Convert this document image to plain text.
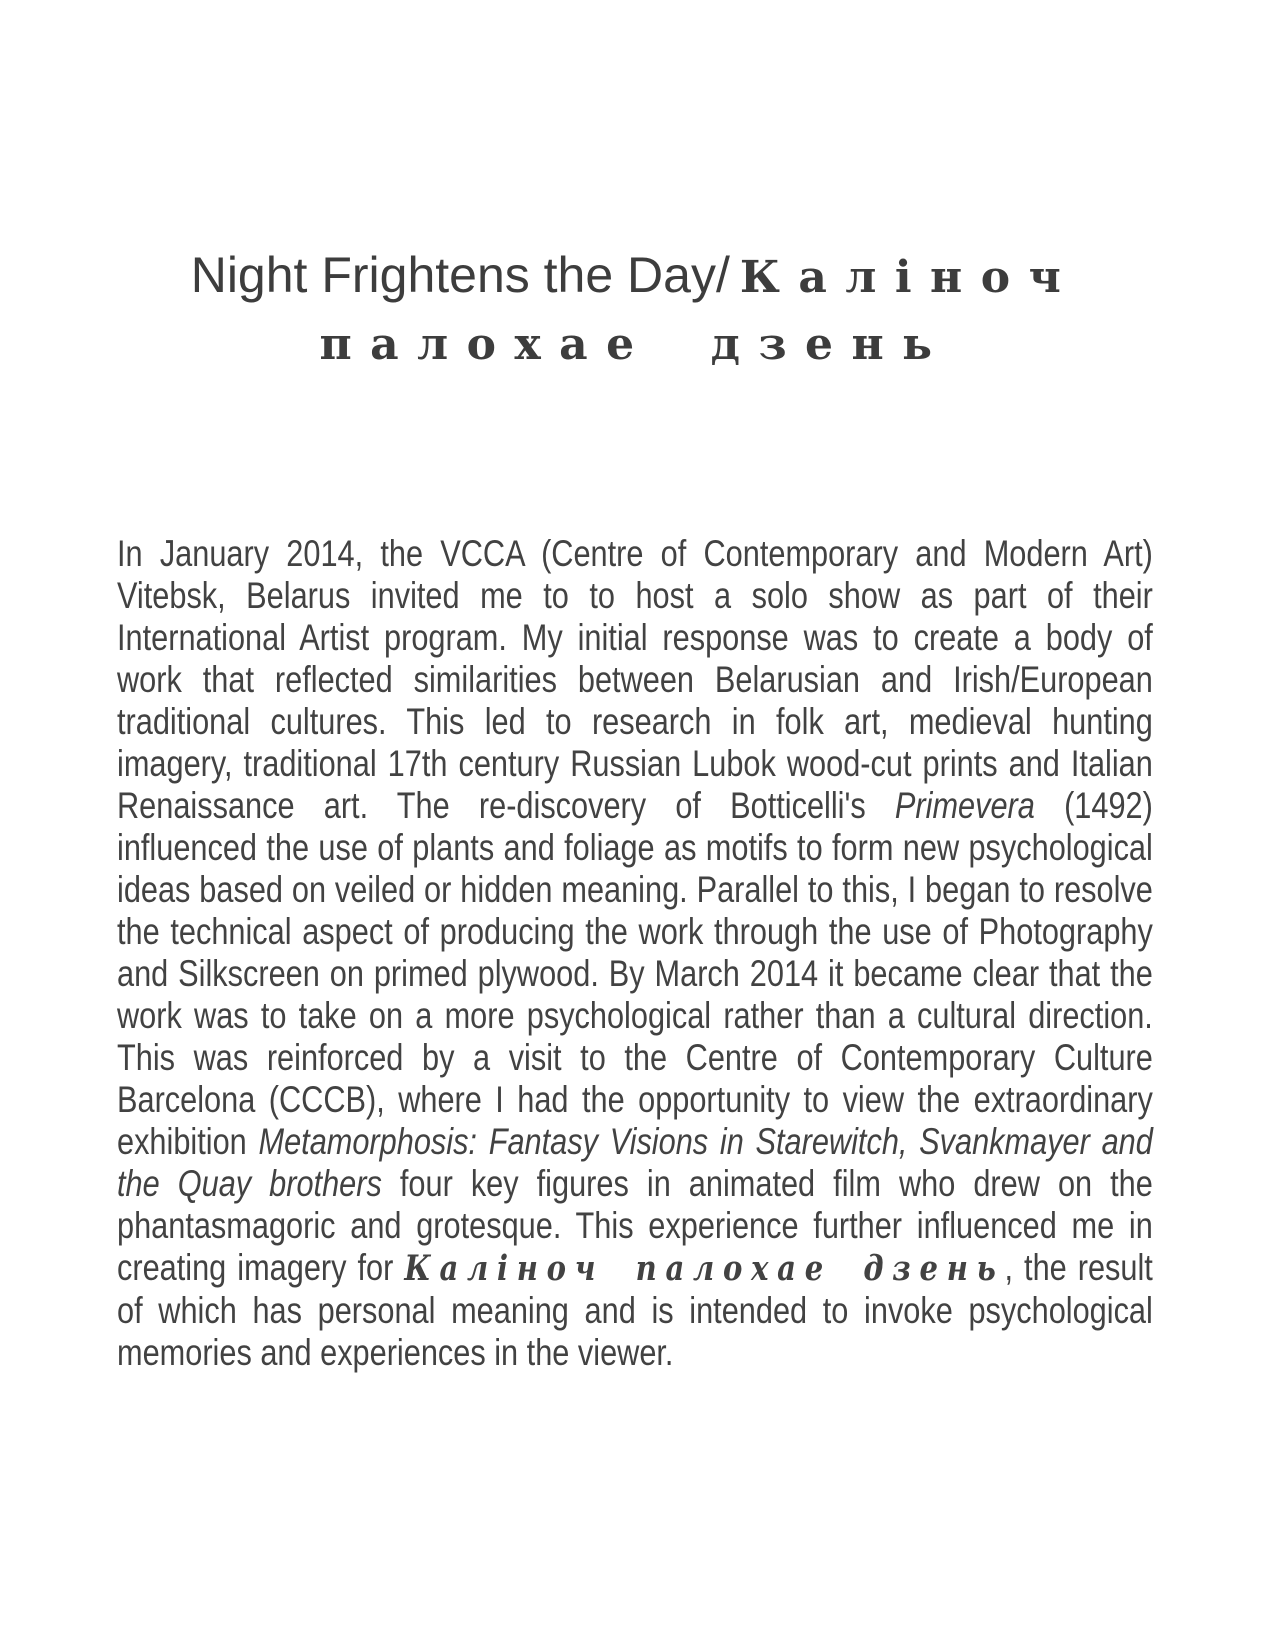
Night Frightens the Day/ Каліноч
палохае дзень

In January 2014, the VCCA (Centre of Contemporary and Modern Art) Vitebsk, Belarus invited me to to host a solo show as part of their International Artist program. My initial response was to create a body of work that reflected similarities between Belarusian and Irish/European traditional cultures. This led to research in folk art, medieval hunting imagery, traditional 17th century Russian Lubok wood-cut prints and Italian Renaissance art. The re-discovery of Botticelli's Primevera (1492) influenced the use of plants and foliage as motifs to form new psychological ideas based on veiled or hidden meaning. Parallel to this, I began to resolve the technical aspect of producing the work through the use of Photography and Silkscreen on primed plywood. By March 2014 it became clear that the work was to take on a more psychological rather than a cultural direction. This was reinforced by a visit to the Centre of Contemporary Culture Barcelona (CCCB), where I had the opportunity to view the extraordinary exhibition Metamorphosis: Fantasy Visions in Starewitch, Svankmayer and the Quay brothers four key figures in animated film who drew on the phantasmagoric and grotesque. This experience further influenced me in creating imagery for Каліноч палохае дзень, the result of which has personal meaning and is intended to invoke psychological memories and experiences in the viewer.
